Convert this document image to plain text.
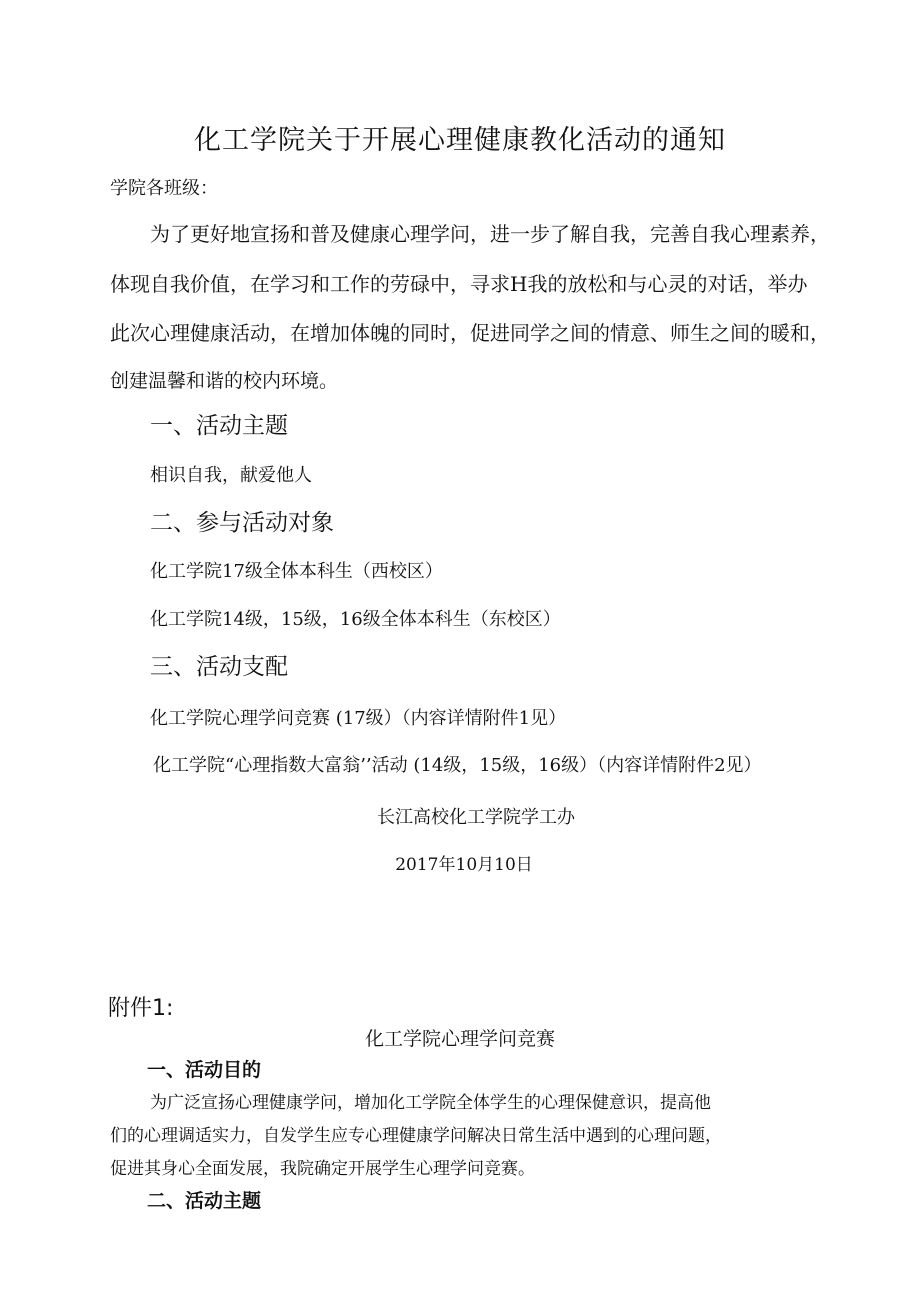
化工学院关于开展心理健康教化活动的通知
学院各班级：
为了更好地宣扬和普及健康心理学问，进一步了解自我，完善自我心理素养，
体现自我价值，在学习和工作的劳碌中，寻求H我的放松和与心灵的对话，举办
此次心理健康活动，在增加体魄的同时，促进同学之间的情意、师生之间的暖和，
创建温馨和谐的校内环境。
一、活动主题
相识自我，献爱他人
二、参与活动对象
化工学院17级全体本科生（西校区）
化工学院14级，15级，16级全体本科生（东校区）
三、活动支配
化工学院心理学问竞赛 (17级）（内容详情附件1见）
化工学院“心理指数大富翁’’活动 (14级，15级，16级）（内容详情附件2见）
长江高校化工学院学工办
2017年10月10日
附件1:
化工学院心理学问竞赛
一、活动目的
为广泛宣扬心理健康学问，增加化工学院全体学生的心理保健意识，提高他
们的心理调适实力，自发学生应专心理健康学问解决日常生活中遇到的心理问题，
促进其身心全面发展，我院确定开展学生心理学问竞赛。
二、活动主题
